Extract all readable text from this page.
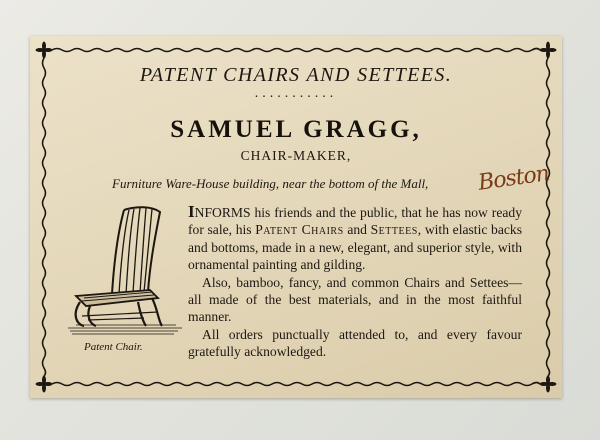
PATENT CHAIRS AND SETTEES.
...........
SAMUEL GRAGG,
CHAIR-MAKER,
Furniture Ware-House building, near the bottom of the Mall,	Boston
Patent Chair.

INFORMS his friends and the public, that he has now ready for sale, his Patent Chairs and Settees, with elastic backs and bottoms, made in a new, elegant, and superior style, with ornamental painting and gilding.

Also, bamboo, fancy, and common Chairs and Settees—all made of the best materials, and in the most faithful manner.

All orders punctually attended to, and every favour gratefully acknowledged.
